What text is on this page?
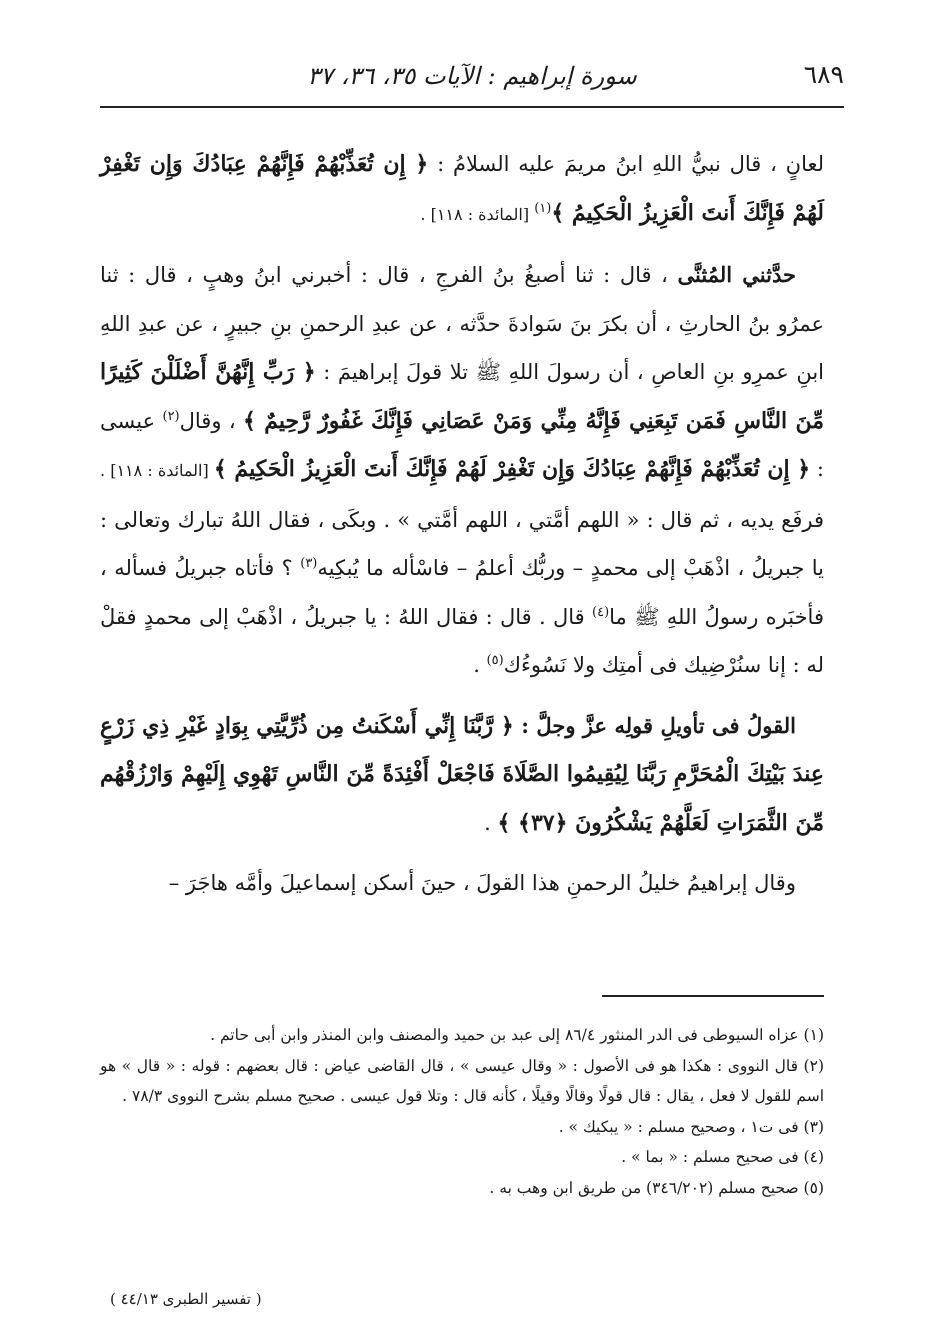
٦٨٩
سورة إبراهيم : الآيات ٣٥، ٣٦، ٣٧

لعانٍ ، قال نبيُّ اللهِ ابنُ مريمَ عليه السلامُ : ﴿ إِن تُعَذِّبْهُمْ فَإِنَّهُمْ عِبَادُكَ وَإِن تَغْفِرْ لَهُمْ فَإِنَّكَ أَنتَ الْعَزِيزُ الْحَكِيمُ ﴾$^{(١)}$ [المائدة : ١١٨] .

حدَّثني المُثنَّى ، قال : ثنا أصبغُ بنُ الفرجِ ، قال : أخبرني ابنُ وهبٍ ، قال : ثنا عمرُو بنُ الحارثِ ، أن بكرَ بنَ سَوادةَ حدَّثه ، عن عبدِ الرحمنِ بنِ جبيرٍ ، عن عبدِ اللهِ ابنِ عمرِو بنِ العاصِ ، أن رسولَ اللهِ ﷺ تلا قولَ إبراهيمَ : ﴿ رَبِّ إِنَّهُنَّ أَضْلَلْنَ كَثِيرًا مِّنَ النَّاسِ فَمَن تَبِعَنِي فَإِنَّهُ مِنِّي وَمَنْ عَصَانِي فَإِنَّكَ غَفُورٌ رَّحِيمٌ ﴾ ، وقال$^{(٢)}$ عيسى : ﴿ إِن تُعَذِّبْهُمْ فَإِنَّهُمْ عِبَادُكَ وَإِن تَغْفِرْ لَهُمْ فَإِنَّكَ أَنتَ الْعَزِيزُ الْحَكِيمُ ﴾ [المائدة : ١١٨] . فرفَع يديه ، ثم قال : « اللهم أمَّتي ، اللهم أمَّتي » . وبكَى ، فقال اللهُ تبارك وتعالى : يا جبريلُ ، اذْهَبْ إلى محمدٍ – وربُّك أعلمُ – فاسْأله ما يُبكِيه$^{(٣)}$ ؟ فأتاه جبريلُ فسأله ، فأخبَره رسولُ اللهِ ﷺ ما$^{(٤)}$ قال . قال : فقال اللهُ : يا جبريلُ ، اذْهَبْ إلى محمدٍ فقلْ له : إنا سنُرْضِيك فى أمتِك ولا نَسُوءُك$^{(٥)}$ .

القولُ فى تأويلِ قولِه عزَّ وجلَّ : ﴿ رَّبَّنَا إِنِّي أَسْكَنتُ مِن ذُرِّيَّتِي بِوَادٍ غَيْرِ ذِي زَرْعٍ عِندَ بَيْتِكَ الْمُحَرَّمِ رَبَّنَا لِيُقِيمُوا الصَّلَاةَ فَاجْعَلْ أَفْئِدَةً مِّنَ النَّاسِ تَهْوِي إِلَيْهِمْ وَارْزُقْهُم مِّنَ الثَّمَرَاتِ لَعَلَّهُمْ يَشْكُرُونَ ﴿٣٧﴾ ﴾ .

وقال إبراهيمُ خليلُ الرحمنِ هذا القولَ ، حينَ أسكن إسماعيلَ وأمَّه هاجَرَ –

(١) عزاه السيوطى فى الدر المنثور ٨٦/٤ إلى عبد بن حميد والمصنف وابن المنذر وابن أبى حاتم .

(٢) قال النووى : هكذا هو فى الأصول : « وقال عيسى » ، قال القاضى عياض : قال بعضهم : قوله : « قال » هو اسم للقول لا فعل ، يقال : قال قولًا وقالًا وقيلًا ، كأنه قال : وتلا قول عيسى . صحيح مسلم بشرح النووى ٧٨/٣ .

(٣) فى ت١ ، وصحيح مسلم : « يبكيك » .

(٤) فى صحيح مسلم : « بما » .

(٥) صحيح مسلم (٣٤٦/٢٠٢) من طريق ابن وهب به .

( تفسير الطبرى ٤٤/١٣ )
